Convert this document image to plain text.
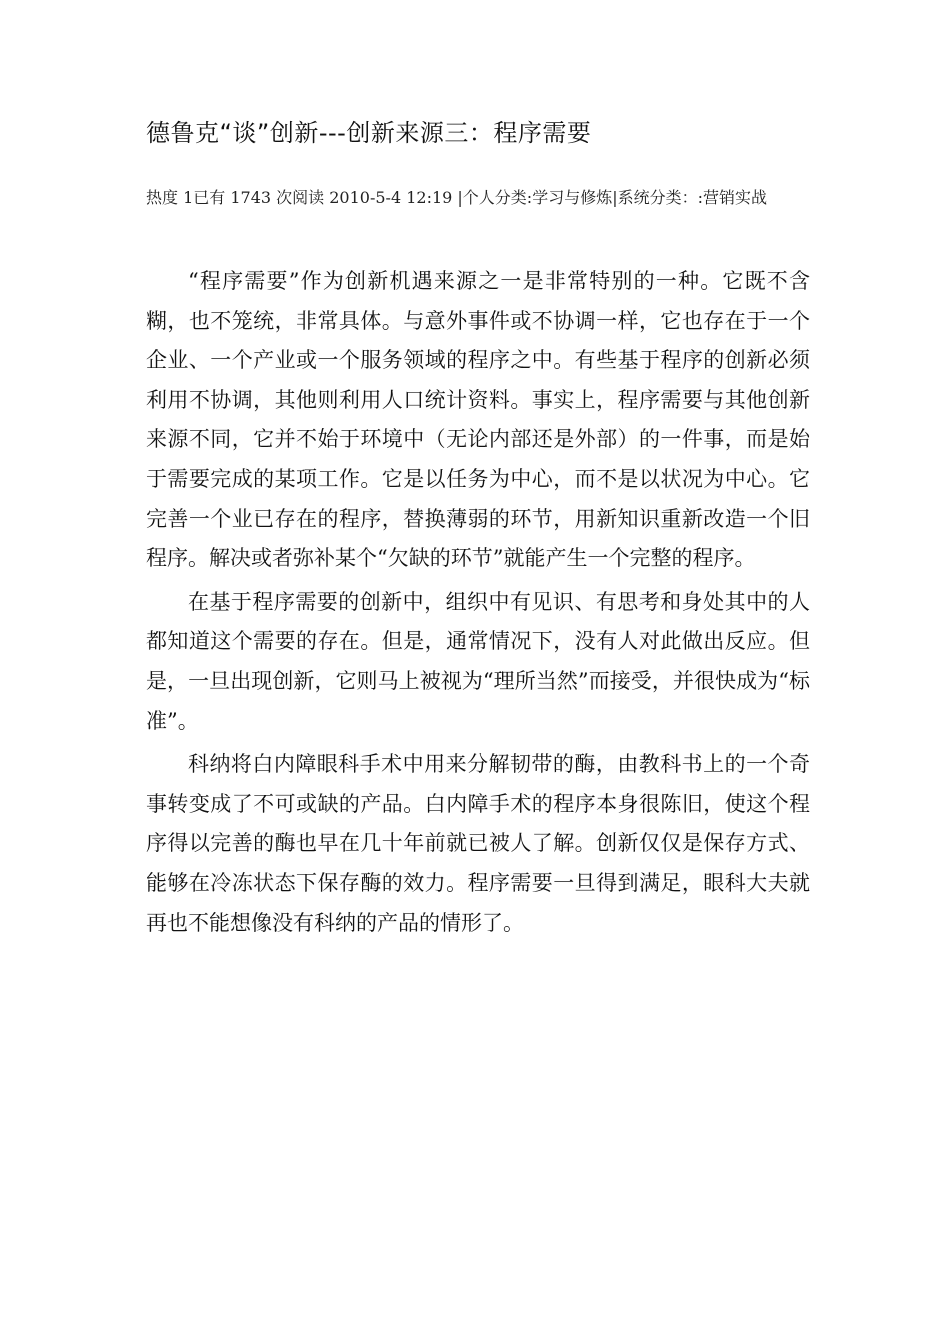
德鲁克“谈”创新---创新来源三：程序需要
热度 1已有 1743 次阅读 2010-5-4 12:19 |个人分类:学习与修炼|系统分类：:营销实战

“程序需要”作为创新机遇来源之一是非常特别的一种。它既不含糊，也不笼统，非常具体。与意外事件或不协调一样，它也存在于一个企业、一个产业或一个服务领域的程序之中。有些基于程序的创新必须利用不协调，其他则利用人口统计资料。事实上，程序需要与其他创新来源不同，它并不始于环境中（无论内部还是外部）的一件事，而是始于需要完成的某项工作。它是以任务为中心，而不是以状况为中心。它完善一个业已存在的程序，替换薄弱的环节，用新知识重新改造一个旧程序。解决或者弥补某个“欠缺的环节”就能产生一个完整的程序。

在基于程序需要的创新中，组织中有见识、有思考和身处其中的人都知道这个需要的存在。但是，通常情况下，没有人对此做出反应。但是，一旦出现创新，它则马上被视为“理所当然”而接受，并很快成为“标准”。

科纳将白内障眼科手术中用来分解韧带的酶，由教科书上的一个奇事转变成了不可或缺的产品。白内障手术的程序本身很陈旧，使这个程序得以完善的酶也早在几十年前就已被人了解。创新仅仅是保存方式、能够在冷冻状态下保存酶的效力。程序需要一旦得到满足，眼科大夫就再也不能想像没有科纳的产品的情形了。
